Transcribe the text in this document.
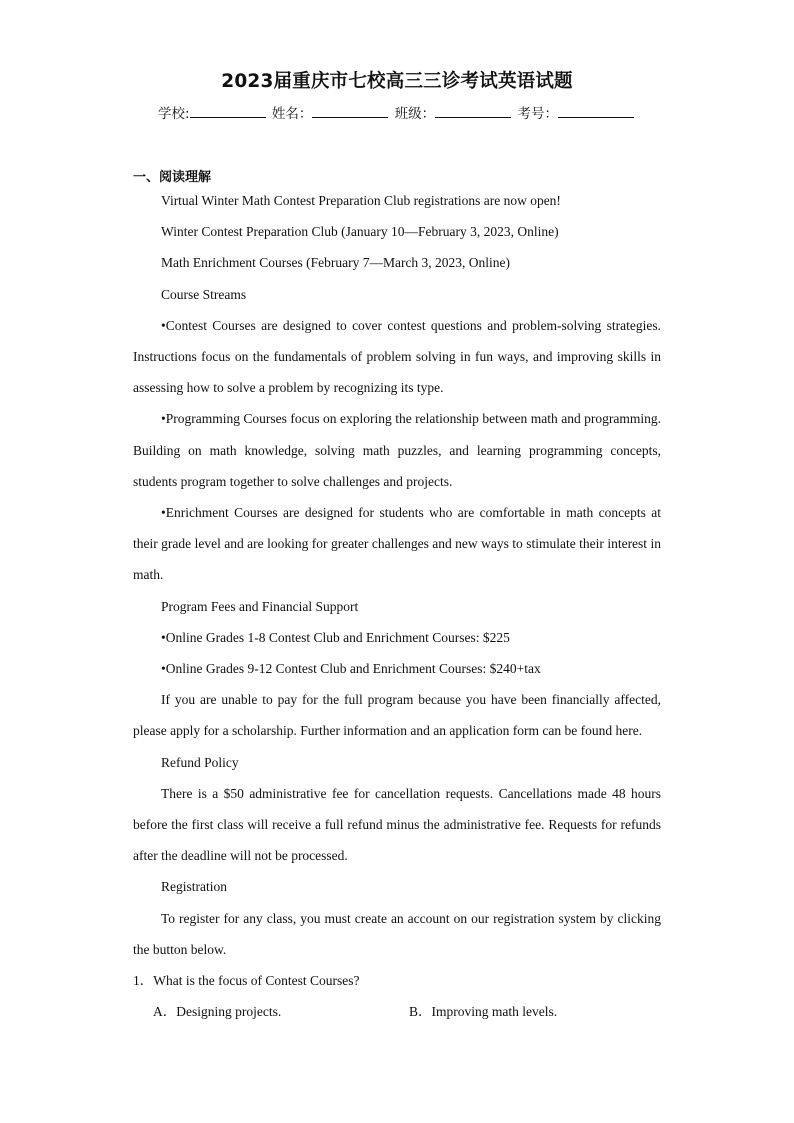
2023届重庆市七校高三三诊考试英语试题
学校:	姓名：	班级：	考号：
一、阅读理解

Virtual Winter Math Contest Preparation Club registrations are now open!

Winter Contest Preparation Club (January 10—February 3, 2023, Online)

Math Enrichment Courses (February 7—March 3, 2023, Online)

Course Streams

•Contest Courses are designed to cover contest questions and problem-solving strategies. Instructions focus on the fundamentals of problem solving in fun ways, and improving skills in assessing how to solve a problem by recognizing its type.

•Programming Courses focus on exploring the relationship between math and programming. Building on math knowledge, solving math puzzles, and learning programming concepts, students program together to solve challenges and projects.

•Enrichment Courses are designed for students who are comfortable in math concepts at their grade level and are looking for greater challenges and new ways to stimulate their interest in math.

Program Fees and Financial Support

•Online Grades 1-8 Contest Club and Enrichment Courses: $225

•Online Grades 9-12 Contest Club and Enrichment Courses: $240+tax

If you are unable to pay for the full program because you have been financially affected, please apply for a scholarship. Further information and an application form can be found here.

Refund Policy

There is a $50 administrative fee for cancellation requests. Cancellations made 48 hours before the first class will receive a full refund minus the administrative fee. Requests for refunds after the deadline will not be processed.

Registration

To register for any class, you must create an account on our registration system by clicking the button below.

1．What is the focus of Contest Courses?

A．Designing projects.	B．Improving math levels.
